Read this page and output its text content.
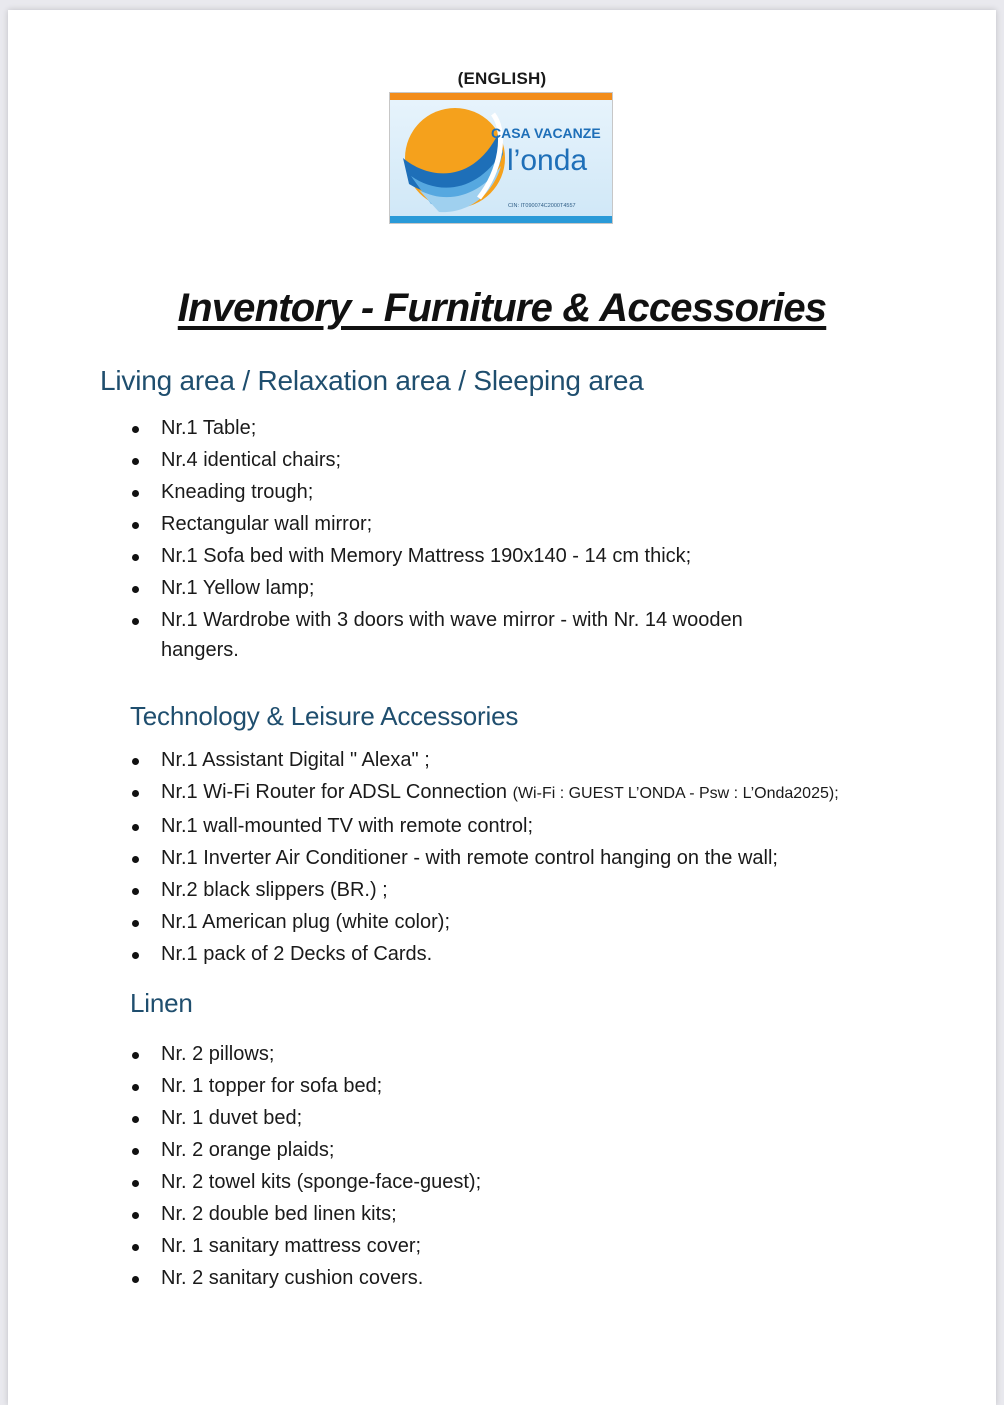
(ENGLISH)
CASA VACANZE
l’onda
CIN: IT090074C2000T4557
Inventory - Furniture & Accessories
Living area / Relaxation area / Sleeping area
Nr.1 Table;
Nr.4 identical chairs;
Kneading trough;
Rectangular wall mirror;
Nr.1 Sofa bed with Memory Mattress 190x140 - 14 cm thick;
Nr.1 Yellow lamp;
Nr.1 Wardrobe with 3 doors with wave mirror - with Nr. 14 wooden hangers.
Technology & Leisure Accessories
Nr.1 Assistant Digital " Alexa" ;
Nr.1 Wi-Fi Router for ADSL Connection (Wi-Fi : GUEST L’ONDA - Psw : L’Onda2025);
Nr.1 wall-mounted TV with remote control;
Nr.1 Inverter Air Conditioner - with remote control hanging on the wall;
Nr.2 black slippers (BR.) ;
Nr.1 American plug (white color);
Nr.1 pack of 2 Decks of Cards.
Linen
Nr. 2 pillows;
Nr. 1 topper for sofa bed;
Nr. 1 duvet bed;
Nr. 2 orange plaids;
Nr. 2 towel kits (sponge-face-guest);
Nr. 2 double bed linen kits;
Nr. 1 sanitary mattress cover;
Nr. 2 sanitary cushion covers.
